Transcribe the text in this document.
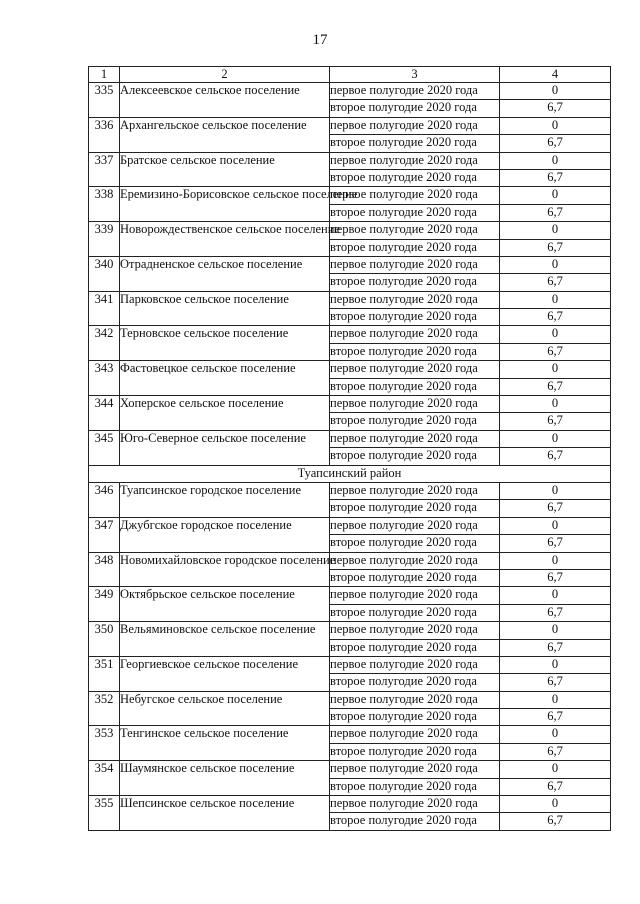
17
1	2	3	4
335	Алексеевское сельское поселение	первое полугодие 2020 года	0
		второе полугодие 2020 года	6,7
336	Архангельское сельское поселение	первое полугодие 2020 года	0
		второе полугодие 2020 года	6,7
337	Братское сельское поселение	первое полугодие 2020 года	0
		второе полугодие 2020 года	6,7
338	Еремизино-Борисовское сельское поселение	первое полугодие 2020 года	0
		второе полугодие 2020 года	6,7
339	Новорождественское сельское поселение	первое полугодие 2020 года	0
		второе полугодие 2020 года	6,7
340	Отрадненское сельское поселение	первое полугодие 2020 года	0
		второе полугодие 2020 года	6,7
341	Парковское сельское поселение	первое полугодие 2020 года	0
		второе полугодие 2020 года	6,7
342	Терновское сельское поселение	первое полугодие 2020 года	0
		второе полугодие 2020 года	6,7
343	Фастовецкое сельское поселение	первое полугодие 2020 года	0
		второе полугодие 2020 года	6,7
344	Хоперское сельское поселение	первое полугодие 2020 года	0
		второе полугодие 2020 года	6,7
345	Юго-Северное сельское поселение	первое полугодие 2020 года	0
		второе полугодие 2020 года	6,7
Туапсинский район			
346	Туапсинское городское поселение	первое полугодие 2020 года	0
		второе полугодие 2020 года	6,7
347	Джубгское городское поселение	первое полугодие 2020 года	0
		второе полугодие 2020 года	6,7
348	Новомихайловское городское поселение	первое полугодие 2020 года	0
		второе полугодие 2020 года	6,7
349	Октябрьское сельское поселение	первое полугодие 2020 года	0
		второе полугодие 2020 года	6,7
350	Вельяминовское сельское поселение	первое полугодие 2020 года	0
		второе полугодие 2020 года	6,7
351	Георгиевское сельское поселение	первое полугодие 2020 года	0
		второе полугодие 2020 года	6,7
352	Небугское сельское поселение	первое полугодие 2020 года	0
		второе полугодие 2020 года	6,7
353	Тенгинское сельское поселение	первое полугодие 2020 года	0
		второе полугодие 2020 года	6,7
354	Шаумянское сельское поселение	первое полугодие 2020 года	0
		второе полугодие 2020 года	6,7
355	Шепсинское сельское поселение	первое полугодие 2020 года	0
		второе полугодие 2020 года	6,7
